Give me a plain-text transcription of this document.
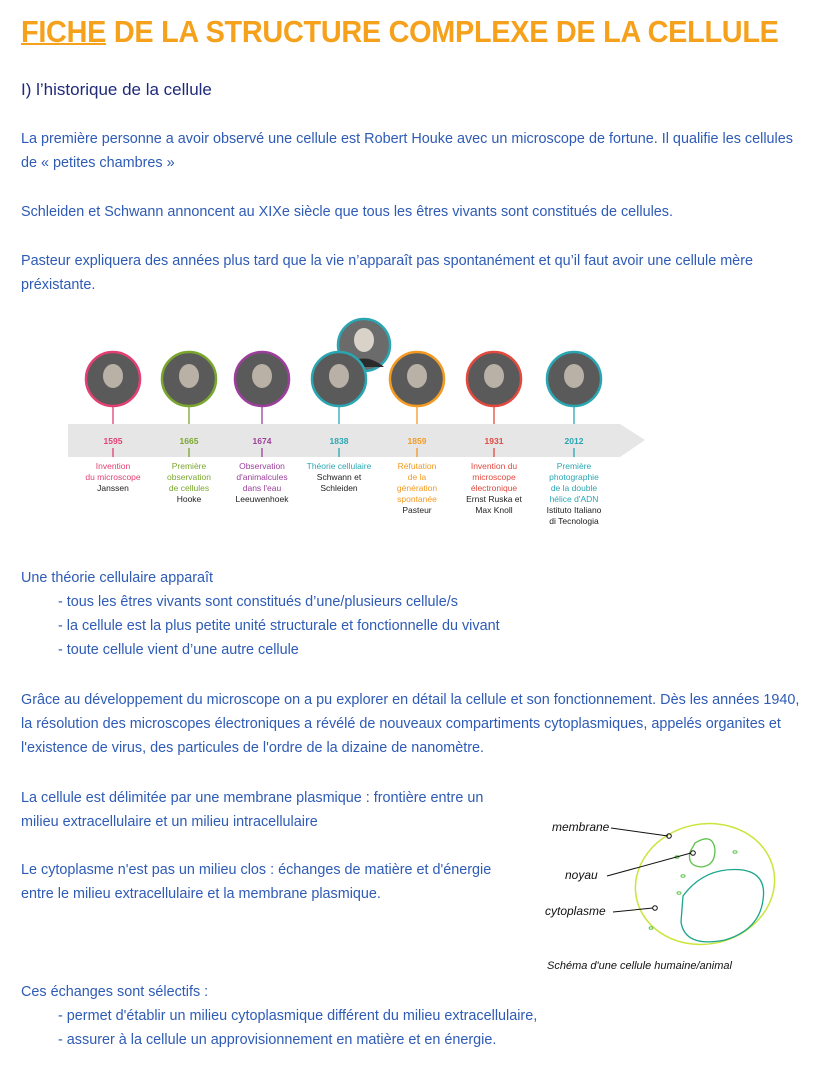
FICHE DE LA STRUCTURE COMPLEXE DE LA CELLULE
I) l’historique de la cellule
La première personne a avoir observé une cellule est Robert Houke avec un microscope de fortune. Il qualifie les cellules de « petites chambres »
Schleiden et Schwann annoncent au XIXe siècle que tous les êtres vivants sont constitués de cellules.
Pasteur expliquera des années plus tard que la vie n’apparaît pas spontanément et qu’il faut avoir une cellule mère préxistante.
1595
Invention
du microscope
Janssen
1665
Première
observation
de cellules
Hooke
1674
Observation
d'animalcules
dans l'eau
Leeuwenhoek
1838
Théorie cellulaire
Schwann et
Schleiden
1859
Réfutation
de la
génération
spontanée
Pasteur
1931
Invention du
microscope
électronique
Ernst Ruska et
Max Knoll
2012
Première
photographie
de la double
hélice d'ADN
Istituto Italiano
di Tecnologia
Une théorie cellulaire apparaît
- tous les êtres vivants sont constitués d’une/plusieurs cellule/s
- la cellule est la plus petite unité structurale et fonctionnelle du vivant
- toute cellule vient d’une autre cellule
Grâce au développement du microscope on a pu explorer en détail la cellule et son fonctionnement. Dès les années 1940, la résolution des microscopes électroniques a révélé de nouveaux compartiments cytoplasmiques, appelés organites et l'existence de virus, des particules de l'ordre de la dizaine de nanomètre.
La cellule est délimitée par une membrane plasmique : frontière entre un milieu extracellulaire et un milieu intracellulaire
Le cytoplasme n'est pas un milieu clos : échanges de matière et d'énergie entre le milieu extracellulaire et la membrane plasmique.
membrane
noyau
cytoplasme
Schéma d'une cellule humaine/animal
Ces échanges sont sélectifs :
- permet d'établir un milieu cytoplasmique différent du milieu extracellulaire,
- assurer à la cellule un approvisionnement en matière et en énergie.
